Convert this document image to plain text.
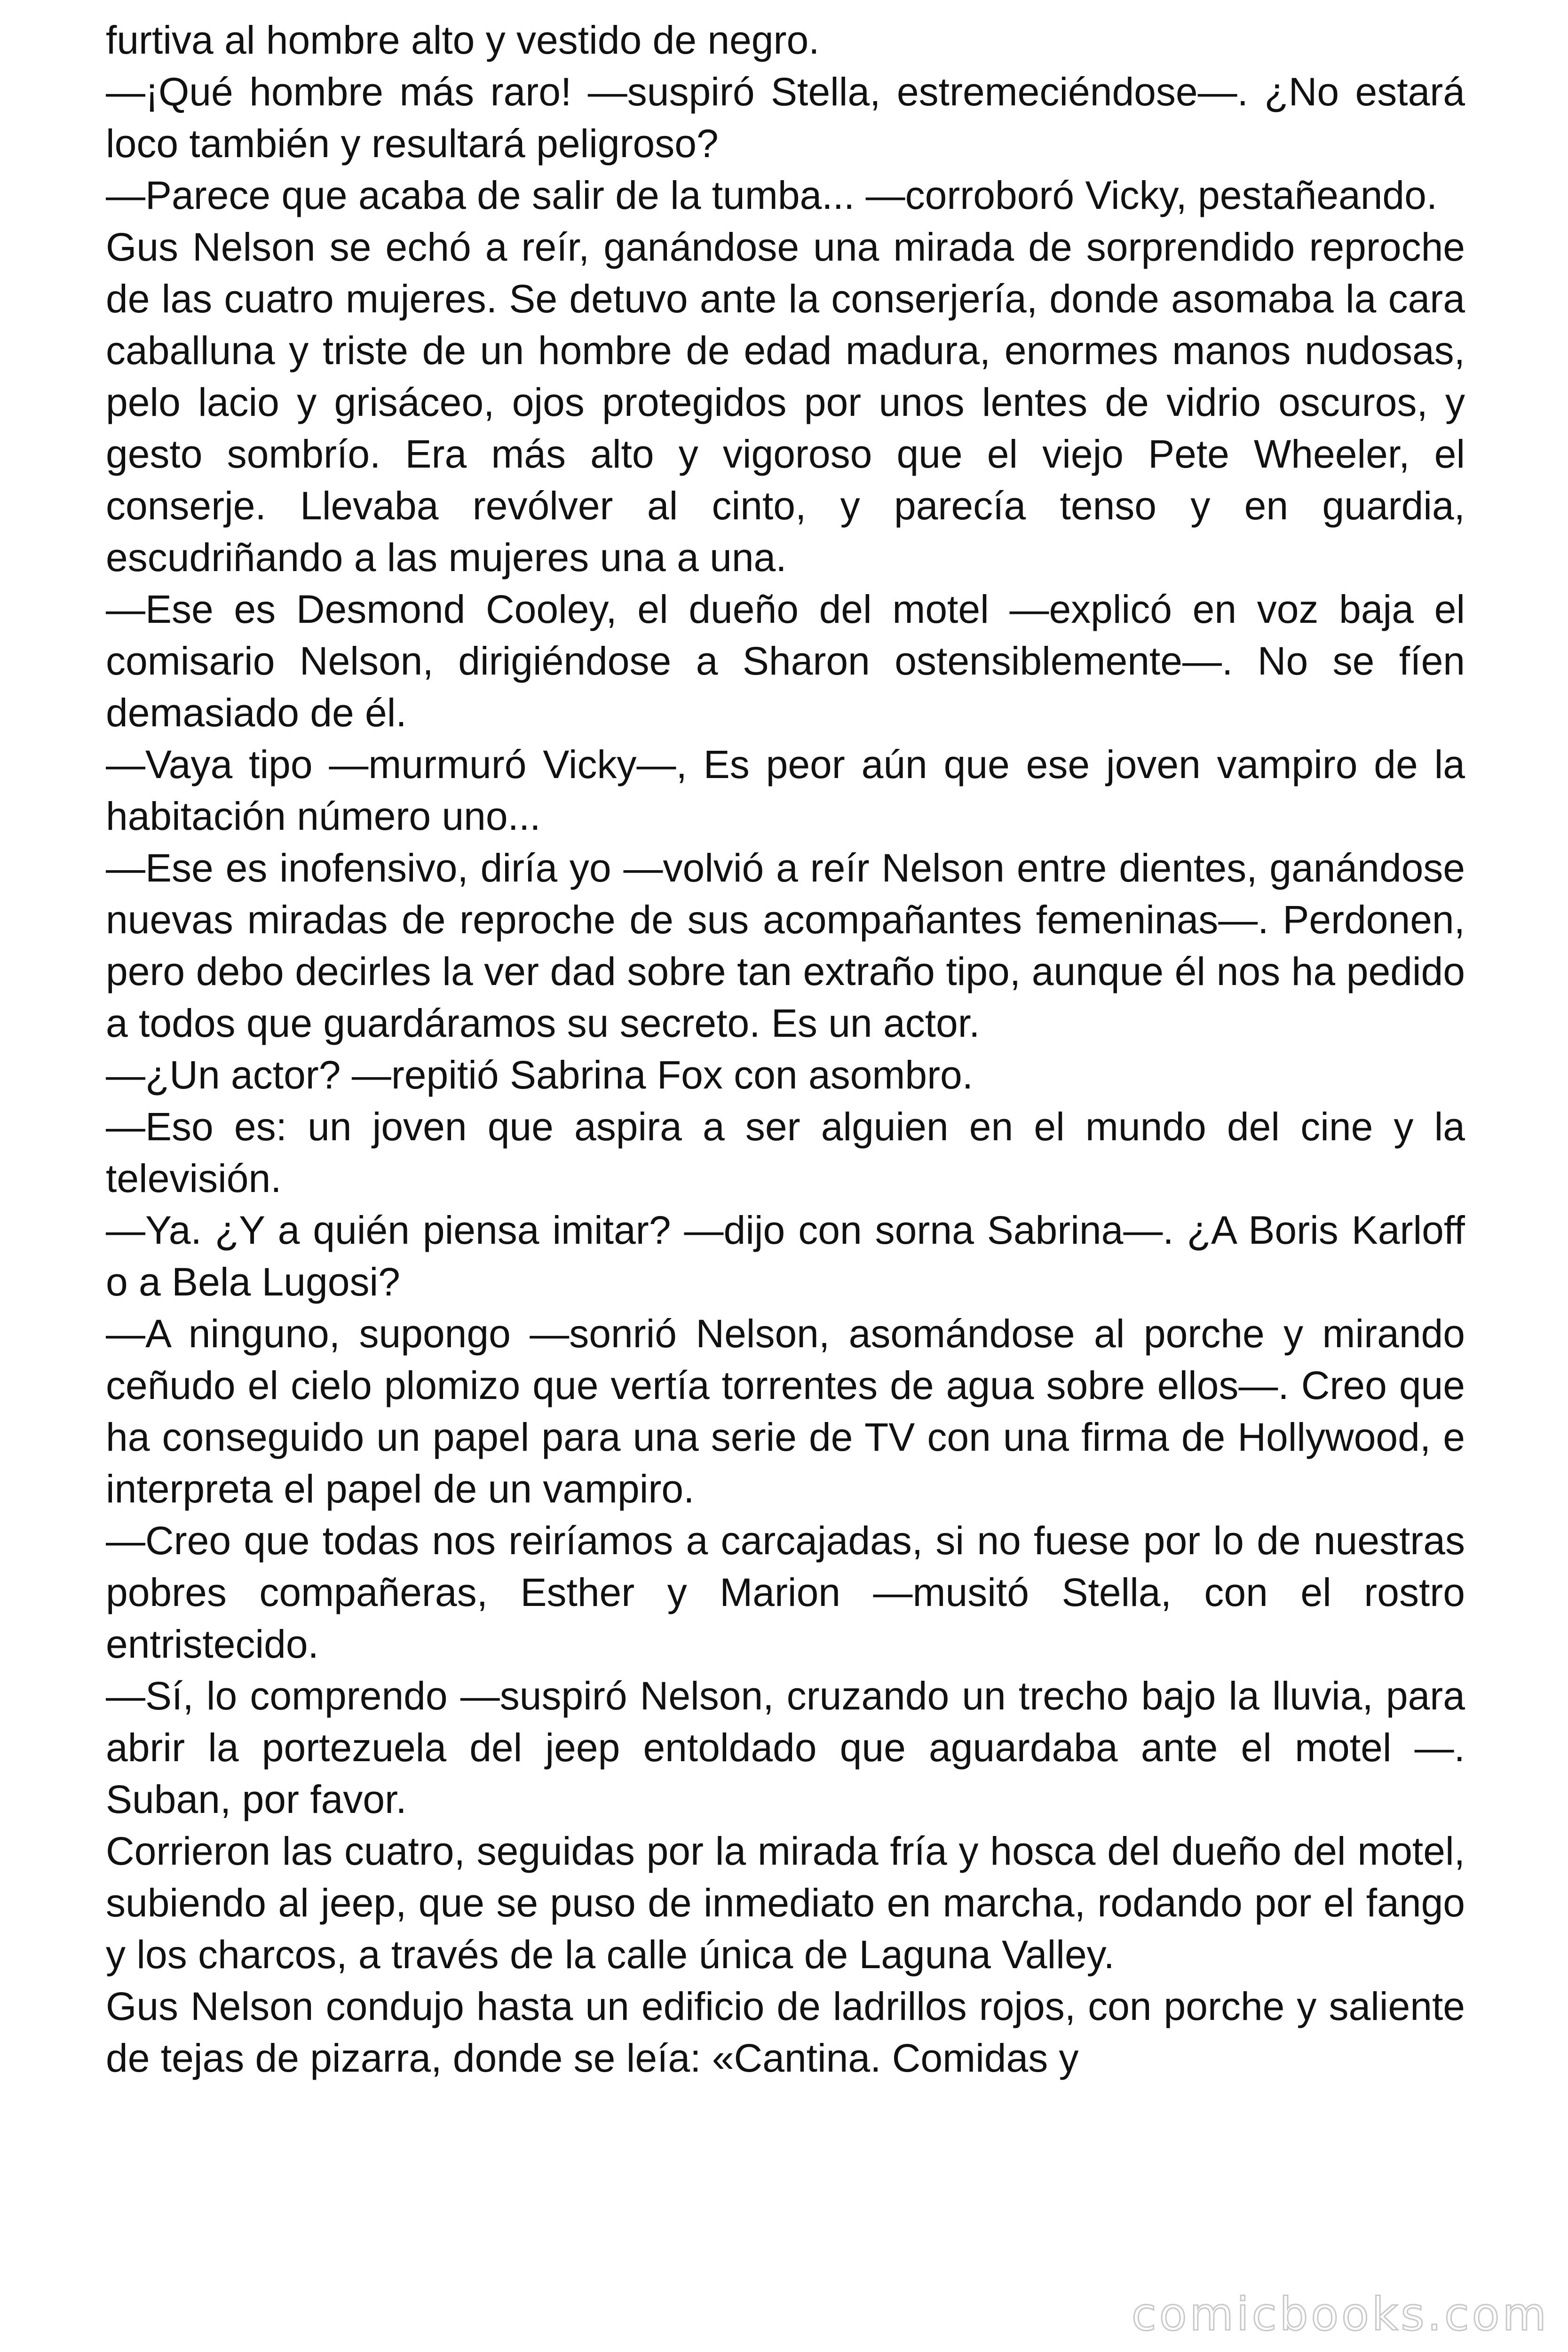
furtiva al hombre alto y vestido de negro.

—¡Qué hombre más raro! —suspiró Stella, estremeciéndose—. ¿No estará loco también y resultará peligroso?

—Parece que acaba de salir de la tumba... —corroboró Vicky, pestañeando.

Gus Nelson se echó a reír, ganándose una mirada de sorprendido reproche de las cuatro mujeres. Se detuvo ante la conserjería, donde asomaba la cara caballuna y triste de un hombre de edad madura, enormes manos nudosas, pelo lacio y grisáceo, ojos protegidos por unos lentes de vidrio oscuros, y gesto sombrío. Era más alto y vigoroso que el viejo Pete Wheeler, el conserje. Llevaba revólver al cinto, y parecía tenso y en guardia, escudriñando a las mujeres una a una.

—Ese es Desmond Cooley, el dueño del motel —explicó en voz baja el comisario Nelson, dirigiéndose a Sharon ostensiblemente—. No se fíen demasiado de él.

—Vaya tipo —murmuró Vicky—, Es peor aún que ese joven vampiro de la habitación número uno...

—Ese es inofensivo, diría yo —volvió a reír Nelson entre dientes, ganándose nuevas miradas de reproche de sus acompañantes femeninas—. Perdonen, pero debo decirles la ver dad sobre tan extraño tipo, aunque él nos ha pedido a todos que guardáramos su secreto. Es un actor.

—¿Un actor? —repitió Sabrina Fox con asombro.

—Eso es: un joven que aspira a ser alguien en el mundo del cine y la televisión.

—Ya. ¿Y a quién piensa imitar? —dijo con sorna Sabrina—. ¿A Boris Karloff o a Bela Lugosi?

—A ninguno, supongo —sonrió Nelson, asomándose al porche y mirando ceñudo el cielo plomizo que vertía torrentes de agua sobre ellos—. Creo que ha conseguido un papel para una serie de TV con una firma de Hollywood, e interpreta el papel de un vampiro.

—Creo que todas nos reiríamos a carcajadas, si no fuese por lo de nuestras pobres compañeras, Esther y Marion —musitó Stella, con el rostro entristecido.

—Sí, lo comprendo —suspiró Nelson, cruzando un trecho bajo la lluvia, para abrir la portezuela del jeep entoldado que aguardaba ante el motel —. Suban, por favor.

Corrieron las cuatro, seguidas por la mirada fría y hosca del dueño del motel, subiendo al jeep, que se puso de inmediato en marcha, rodando por el fango y los charcos, a través de la calle única de Laguna Valley.

Gus Nelson condujo hasta un edificio de ladrillos rojos, con porche y saliente de tejas de pizarra, donde se leía: «Cantina. Comidas y

comicbooks.com
